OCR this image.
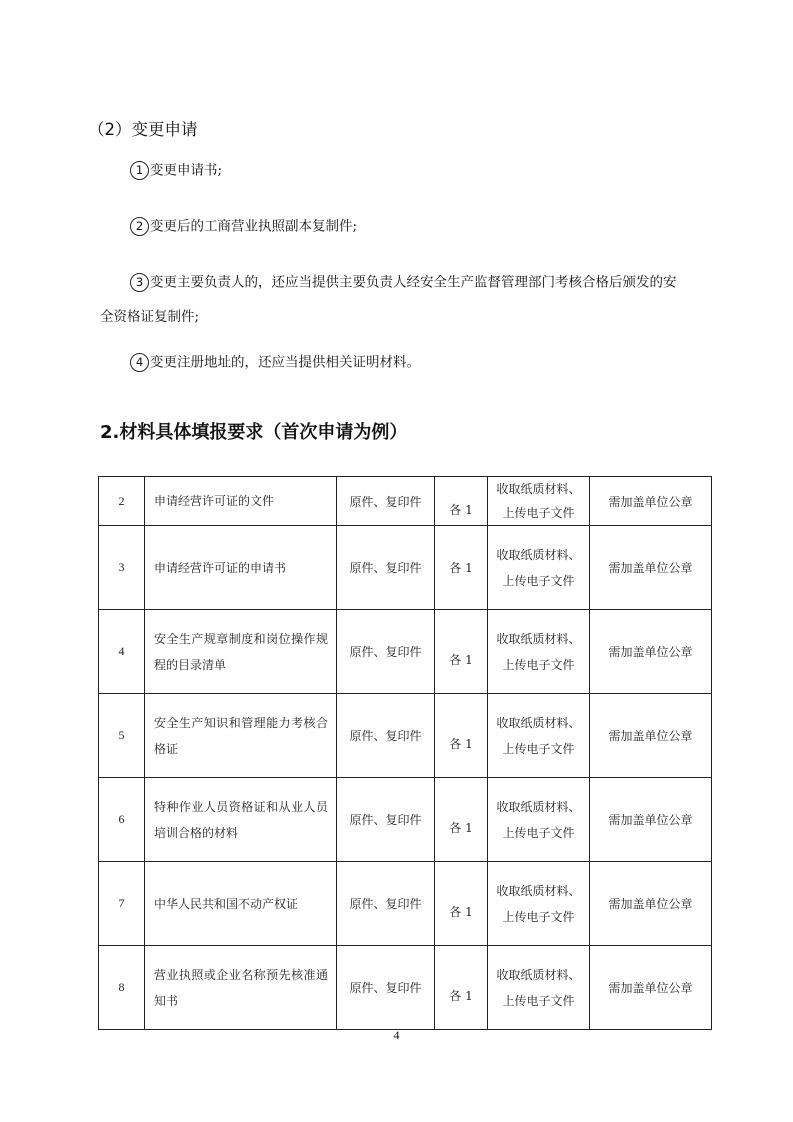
（2）变更申请
1 变更申请书;
2 变更后的工商营业执照副本复制件;
3 变更主要负责人的，还应当提供主要负责人经安全生产监督管理部门考核合格后颁发的安
全资格证复制件;
4 变更注册地址的，还应当提供相关证明材料。
2.材料具体填报要求（首次申请为例）
2	申请经营许可证的文件	原件、复印件	各 1	收取纸质材料、
上传电子文件	需加盖单位公章
3	申请经营许可证的申请书	原件、复印件	各 1	收取纸质材料、
上传电子文件	需加盖单位公章
4	安全生产规章制度和岗位操作规程的目录清单	原件、复印件	各 1	收取纸质材料、
上传电子文件	需加盖单位公章
5	安全生产知识和管理能力考核合格证	原件、复印件	各 1	收取纸质材料、
上传电子文件	需加盖单位公章
6	特种作业人员资格证和从业人员培训合格的材料	原件、复印件	各 1	收取纸质材料、
上传电子文件	需加盖单位公章
7	中华人民共和国不动产权证	原件、复印件	各 1	收取纸质材料、
上传电子文件	需加盖单位公章
8	营业执照或企业名称预先核准通知书	原件、复印件	各 1	收取纸质材料、
上传电子文件	需加盖单位公章
4
